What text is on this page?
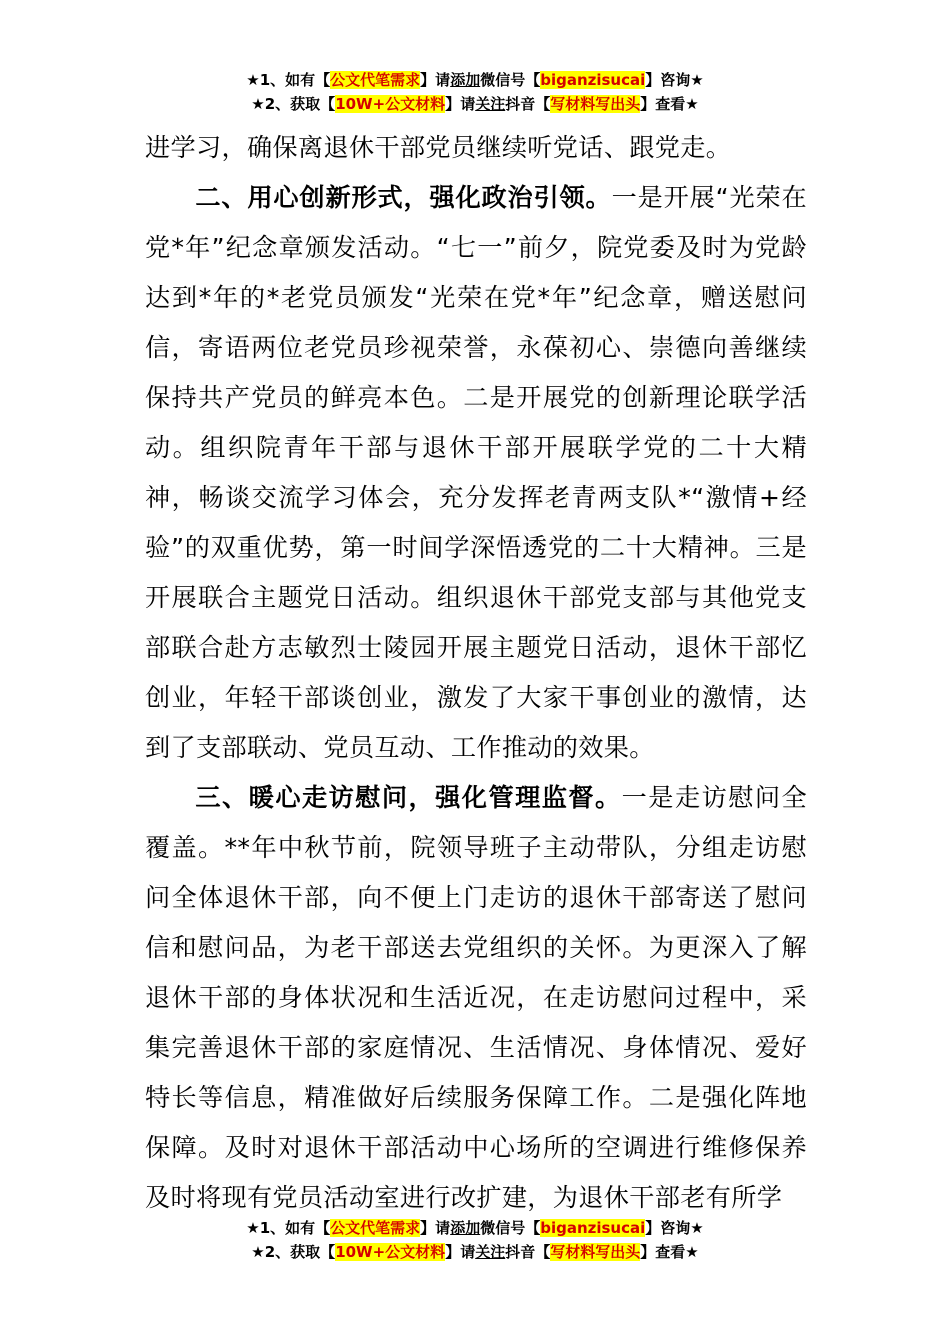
★1、如有【公文代笔需求】请添加微信号【biganzisucai】咨询★
★2、获取【10W+公文材料】请关注抖音【写材料写出头】查看★

进学习，确保离退休干部党员继续听党话、跟党走。

二、用心创新形式，强化政治引领。一是开展“光荣在党*年”纪念章颁发活动。“七一”前夕，院党委及时为党龄达到*年的*老党员颁发“光荣在党*年”纪念章，赠送慰问信，寄语两位老党员珍视荣誉，永葆初心、崇德向善继续保持共产党员的鲜亮本色。二是开展党的创新理论联学活动。组织院青年干部与退休干部开展联学党的二十大精神，畅谈交流学习体会，充分发挥老青两支队*“激情+经验”的双重优势，第一时间学深悟透党的二十大精神。三是开展联合主题党日活动。组织退休干部党支部与其他党支部联合赴方志敏烈士陵园开展主题党日活动，退休干部忆创业，年轻干部谈创业，激发了大家干事创业的激情，达到了支部联动、党员互动、工作推动的效果。

三、暖心走访慰问，强化管理监督。一是走访慰问全覆盖。**年中秋节前，院领导班子主动带队，分组走访慰问全体退休干部，向不便上门走访的退休干部寄送了慰问信和慰问品，为老干部送去党组织的关怀。为更深入了解退休干部的身体状况和生活近况，在走访慰问过程中，采集完善退休干部的家庭情况、生活情况、身体情况、爱好特长等信息，精准做好后续服务保障工作。二是强化阵地保障。及时对退休干部活动中心场所的空调进行维修保养及时将现有党员活动室进行改扩建，为退休干部老有所学

★1、如有【公文代笔需求】请添加微信号【biganzisucai】咨询★
★2、获取【10W+公文材料】请关注抖音【写材料写出头】查看★
